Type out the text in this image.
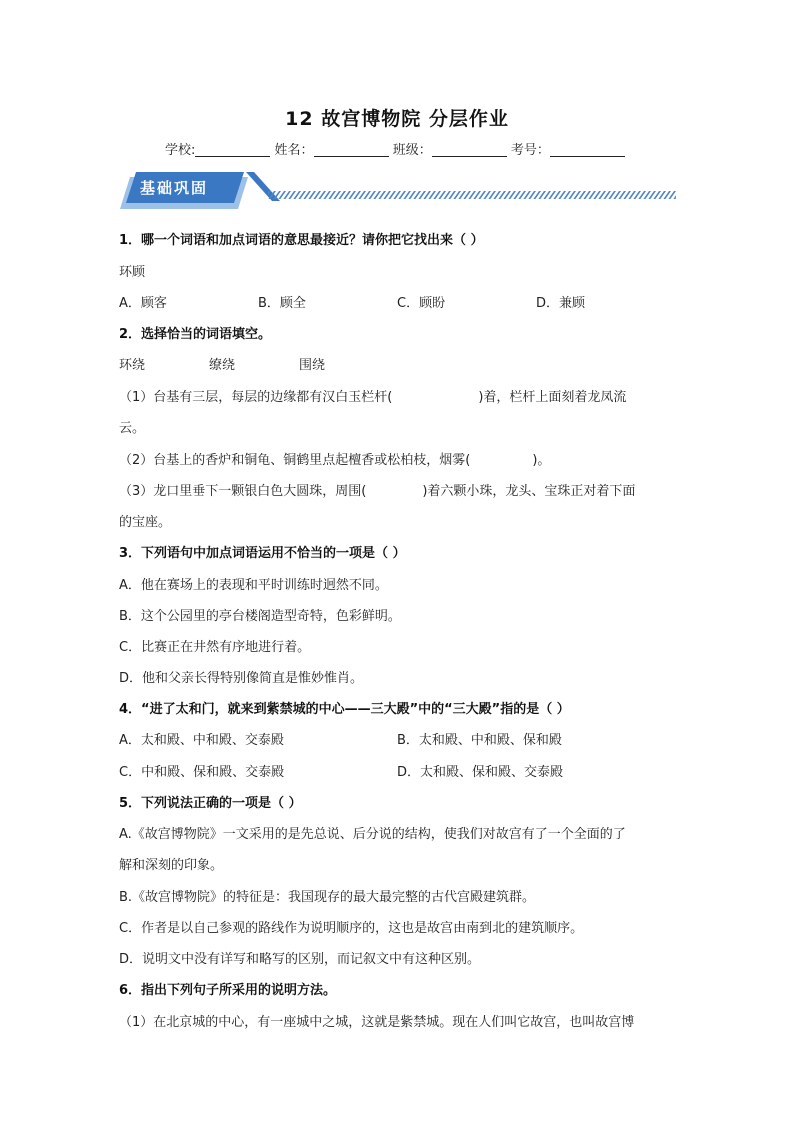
12 故宫博物院 分层作业
学校:	姓名：	班级：	考号：
基础巩固
1．哪一个词语和加点词语的意思最接近？请你把它找出来（ ）
环顾
A．顾客	B．顾全	C．顾盼	D．兼顾
2．选择恰当的词语填空。
环绕	缭绕	围绕
（1）台基有三层，每层的边缘都有汉白玉栏杆(	)着，栏杆上面刻着龙凤流
云。
（2）台基上的香炉和铜龟、铜鹤里点起檀香或松柏枝，烟雾(	)。
（3）龙口里垂下一颗银白色大圆珠，周围(	)着六颗小珠，龙头、宝珠正对着下面
的宝座。
3．下列语句中加点词语运用不恰当的一项是（ ）
A．他在赛场上的表现和平时训练时迥然不同。
B．这个公园里的亭台楼阁造型奇特，色彩鲜明。
C．比赛正在井然有序地进行着。
D．他和父亲长得特别像简直是惟妙惟肖。
4．“进了太和门，就来到紫禁城的中心——三大殿”中的“三大殿”指的是（ ）
A．太和殿、中和殿、交泰殿	B．太和殿、中和殿、保和殿
C．中和殿、保和殿、交泰殿	D．太和殿、保和殿、交泰殿
5．下列说法正确的一项是（ ）
A.《故宫博物院》一文采用的是先总说、后分说的结构，使我们对故宫有了一个全面的了
解和深刻的印象。
B.《故宫博物院》的特征是：我国现存的最大最完整的古代宫殿建筑群。
C．作者是以自己参观的路线作为说明顺序的，这也是故宫由南到北的建筑顺序。
D．说明文中没有详写和略写的区别，而记叙文中有这种区别。
6．指出下列句子所采用的说明方法。
（1）在北京城的中心，有一座城中之城，这就是紫禁城。现在人们叫它故宫，也叫故宫博
